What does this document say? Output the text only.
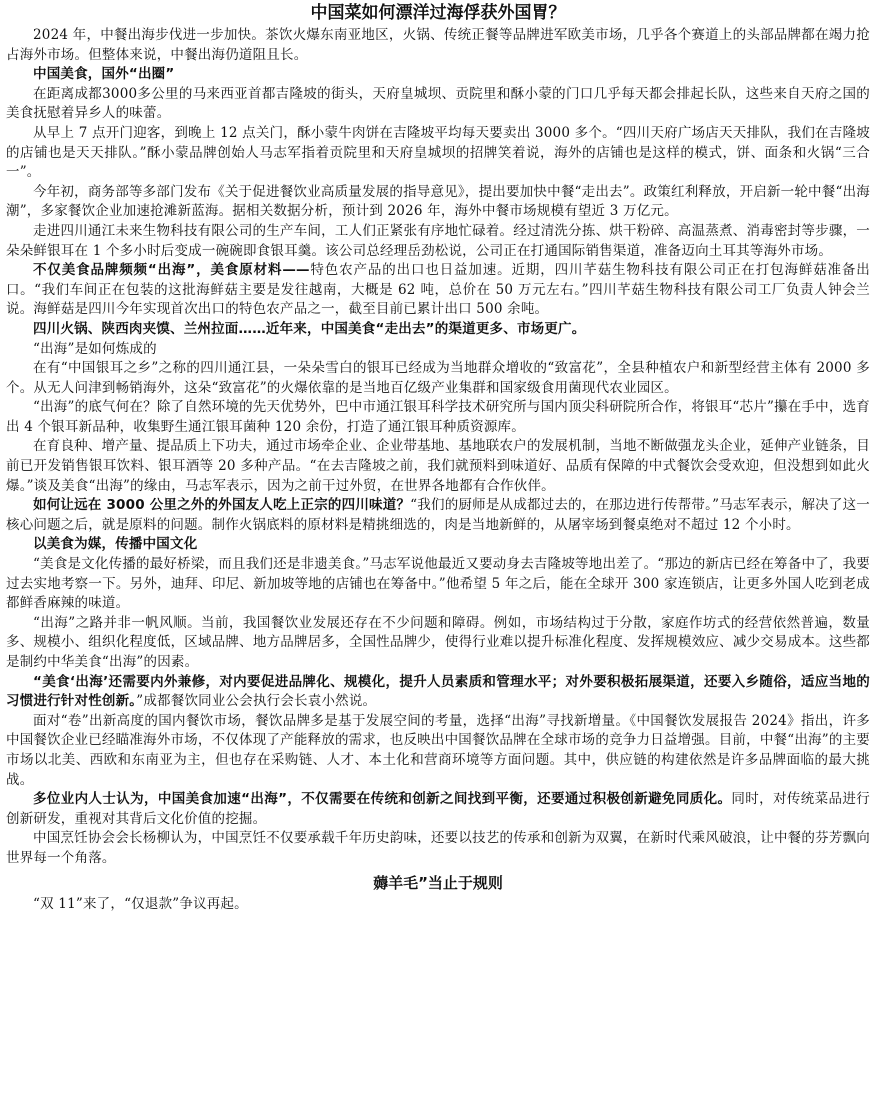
中国菜如何漂洋过海俘获外国胃？

2024 年，中餐出海步伐进一步加快。茶饮火爆东南亚地区，火锅、传统正餐等品牌进军欧美市场，几乎各个赛道上的头部品牌都在竭力抢占海外市场。但整体来说，中餐出海仍道阻且长。

中国美食，国外“出圈”

在距离成都3000多公里的马来西亚首都吉隆坡的街头，天府皇城坝、贡院里和酥小蒙的门口几乎每天都会排起长队，这些来自天府之国的美食抚慰着异乡人的味蕾。

从早上 7 点开门迎客，到晚上 12 点关门，酥小蒙牛肉饼在吉隆坡平均每天要卖出 3000 多个。“四川天府广场店天天排队，我们在吉隆坡的店铺也是天天排队。”酥小蒙品牌创始人马志军指着贡院里和天府皇城坝的招牌笑着说，海外的店铺也是这样的模式，饼、面条和火锅“三合一”。

今年初，商务部等多部门发布《关于促进餐饮业高质量发展的指导意见》，提出要加快中餐“走出去”。政策红利释放，开启新一轮中餐“出海潮”，多家餐饮企业加速抢滩新蓝海。据相关数据分析，预计到 2026 年，海外中餐市场规模有望近 3 万亿元。

走进四川通江未来生物科技有限公司的生产车间，工人们正紧张有序地忙碌着。经过清洗分拣、烘干粉碎、高温蒸煮、消毒密封等步骤，一朵朵鲜银耳在 1 个多小时后变成一碗碗即食银耳羹。该公司总经理岳劲松说，公司正在打通国际销售渠道，准备迈向土耳其等海外市场。

不仅美食品牌频频“出海”，美食原材料——特色农产品的出口也日益加速。近期，四川芊菇生物科技有限公司正在打包海鲜菇准备出口。“我们车间正在包装的这批海鲜菇主要是发往越南，大概是 62 吨，总价在 50 万元左右。”四川芊菇生物科技有限公司工厂负责人钟会兰说。海鲜菇是四川今年实现首次出口的特色农产品之一，截至目前已累计出口 500 余吨。

四川火锅、陕西肉夹馍、兰州拉面……近年来，中国美食“走出去”的渠道更多、市场更广。

“出海”是如何炼成的

在有“中国银耳之乡”之称的四川通江县，一朵朵雪白的银耳已经成为当地群众增收的“致富花”，全县种植农户和新型经营主体有 2000 多个。从无人问津到畅销海外，这朵“致富花”的火爆依靠的是当地百亿级产业集群和国家级食用菌现代农业园区。

“出海”的底气何在？除了自然环境的先天优势外，巴中市通江银耳科学技术研究所与国内顶尖科研院所合作，将银耳“芯片”攥在手中，选育出 4 个银耳新品种，收集野生通江银耳菌种 120 余份，打造了通江银耳种质资源库。

在育良种、增产量、提品质上下功夫，通过市场牵企业、企业带基地、基地联农户的发展机制，当地不断做强龙头企业，延伸产业链条，目前已开发销售银耳饮料、银耳酒等 20 多种产品。“在去吉隆坡之前，我们就预料到味道好、品质有保障的中式餐饮会受欢迎，但没想到如此火爆。”谈及美食“出海”的缘由，马志军表示，因为之前干过外贸，在世界各地都有合作伙伴。

如何让远在 3000 公里之外的外国友人吃上正宗的四川味道？“我们的厨师是从成都过去的，在那边进行传帮带。”马志军表示，解决了这一核心问题之后，就是原料的问题。制作火锅底料的原材料是精挑细选的，肉是当地新鲜的，从屠宰场到餐桌绝对不超过 12 个小时。

以美食为媒，传播中国文化

“美食是文化传播的最好桥梁，而且我们还是非遗美食。”马志军说他最近又要动身去吉隆坡等地出差了。“那边的新店已经在筹备中了，我要过去实地考察一下。另外，迪拜、印尼、新加坡等地的店铺也在筹备中。”他希望 5 年之后，能在全球开 300 家连锁店，让更多外国人吃到老成都鲜香麻辣的味道。

“出海”之路并非一帆风顺。当前，我国餐饮业发展还存在不少问题和障碍。例如，市场结构过于分散，家庭作坊式的经营依然普遍，数量多、规模小、组织化程度低，区域品牌、地方品牌居多，全国性品牌少，使得行业难以提升标准化程度、发挥规模效应、减少交易成本。这些都是制约中华美食“出海”的因素。

“美食‘出海’还需要内外兼修，对内要促进品牌化、规模化，提升人员素质和管理水平；对外要积极拓展渠道，还要入乡随俗，适应当地的习惯进行针对性创新。”成都餐饮同业公会执行会长袁小然说。

面对“卷”出新高度的国内餐饮市场，餐饮品牌多是基于发展空间的考量，选择“出海”寻找新增量。《中国餐饮发展报告 2024》指出，许多中国餐饮企业已经瞄准海外市场，不仅体现了产能释放的需求，也反映出中国餐饮品牌在全球市场的竞争力日益增强。目前，中餐“出海”的主要市场以北美、西欧和东南亚为主，但也存在采购链、人才、本土化和营商环境等方面问题。其中，供应链的构建依然是许多品牌面临的最大挑战。

多位业内人士认为，中国美食加速“出海”，不仅需要在传统和创新之间找到平衡，还要通过积极创新避免同质化。同时，对传统菜品进行创新研发，重视对其背后文化价值的挖掘。

中国烹饪协会会长杨柳认为，中国烹饪不仅要承载千年历史韵味，还要以技艺的传承和创新为双翼，在新时代乘风破浪，让中餐的芬芳飘向世界每一个角落。

薅羊毛”当止于规则

“双 11”来了，“仅退款”争议再起。
